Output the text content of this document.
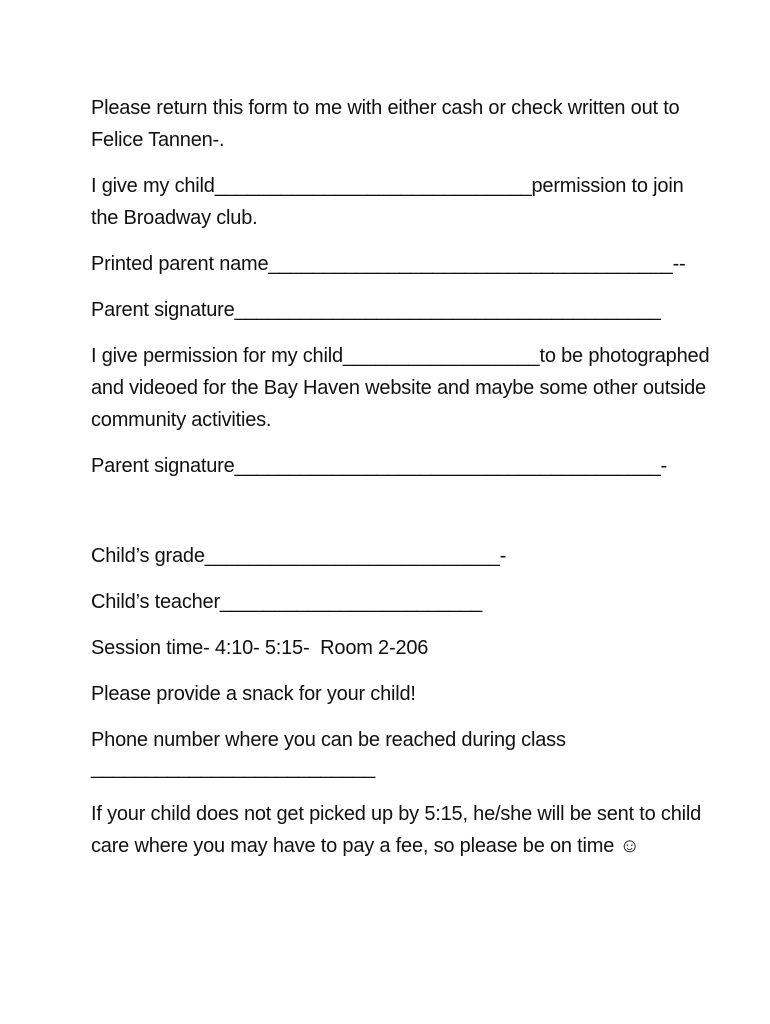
Please return this form to me with either cash or check written out to Felice Tannen-.

I give my child_____________________________permission to join the Broadway club.

Printed parent name_____________________________________--

Parent signature_______________________________________

I give permission for my child__________________to be photographed and videoed for the Bay Haven website and maybe some other outside community activities.

Parent signature_______________________________________-

Child’s grade___________________________-

Child’s teacher________________________

Session time- 4:10- 5:15-  Room 2-206

Please provide a snack for your child!

Phone number where you can be reached during class

__________________________

If your child does not get picked up by 5:15, he/she will be sent to child care where you may have to pay a fee, so please be on time ☺
